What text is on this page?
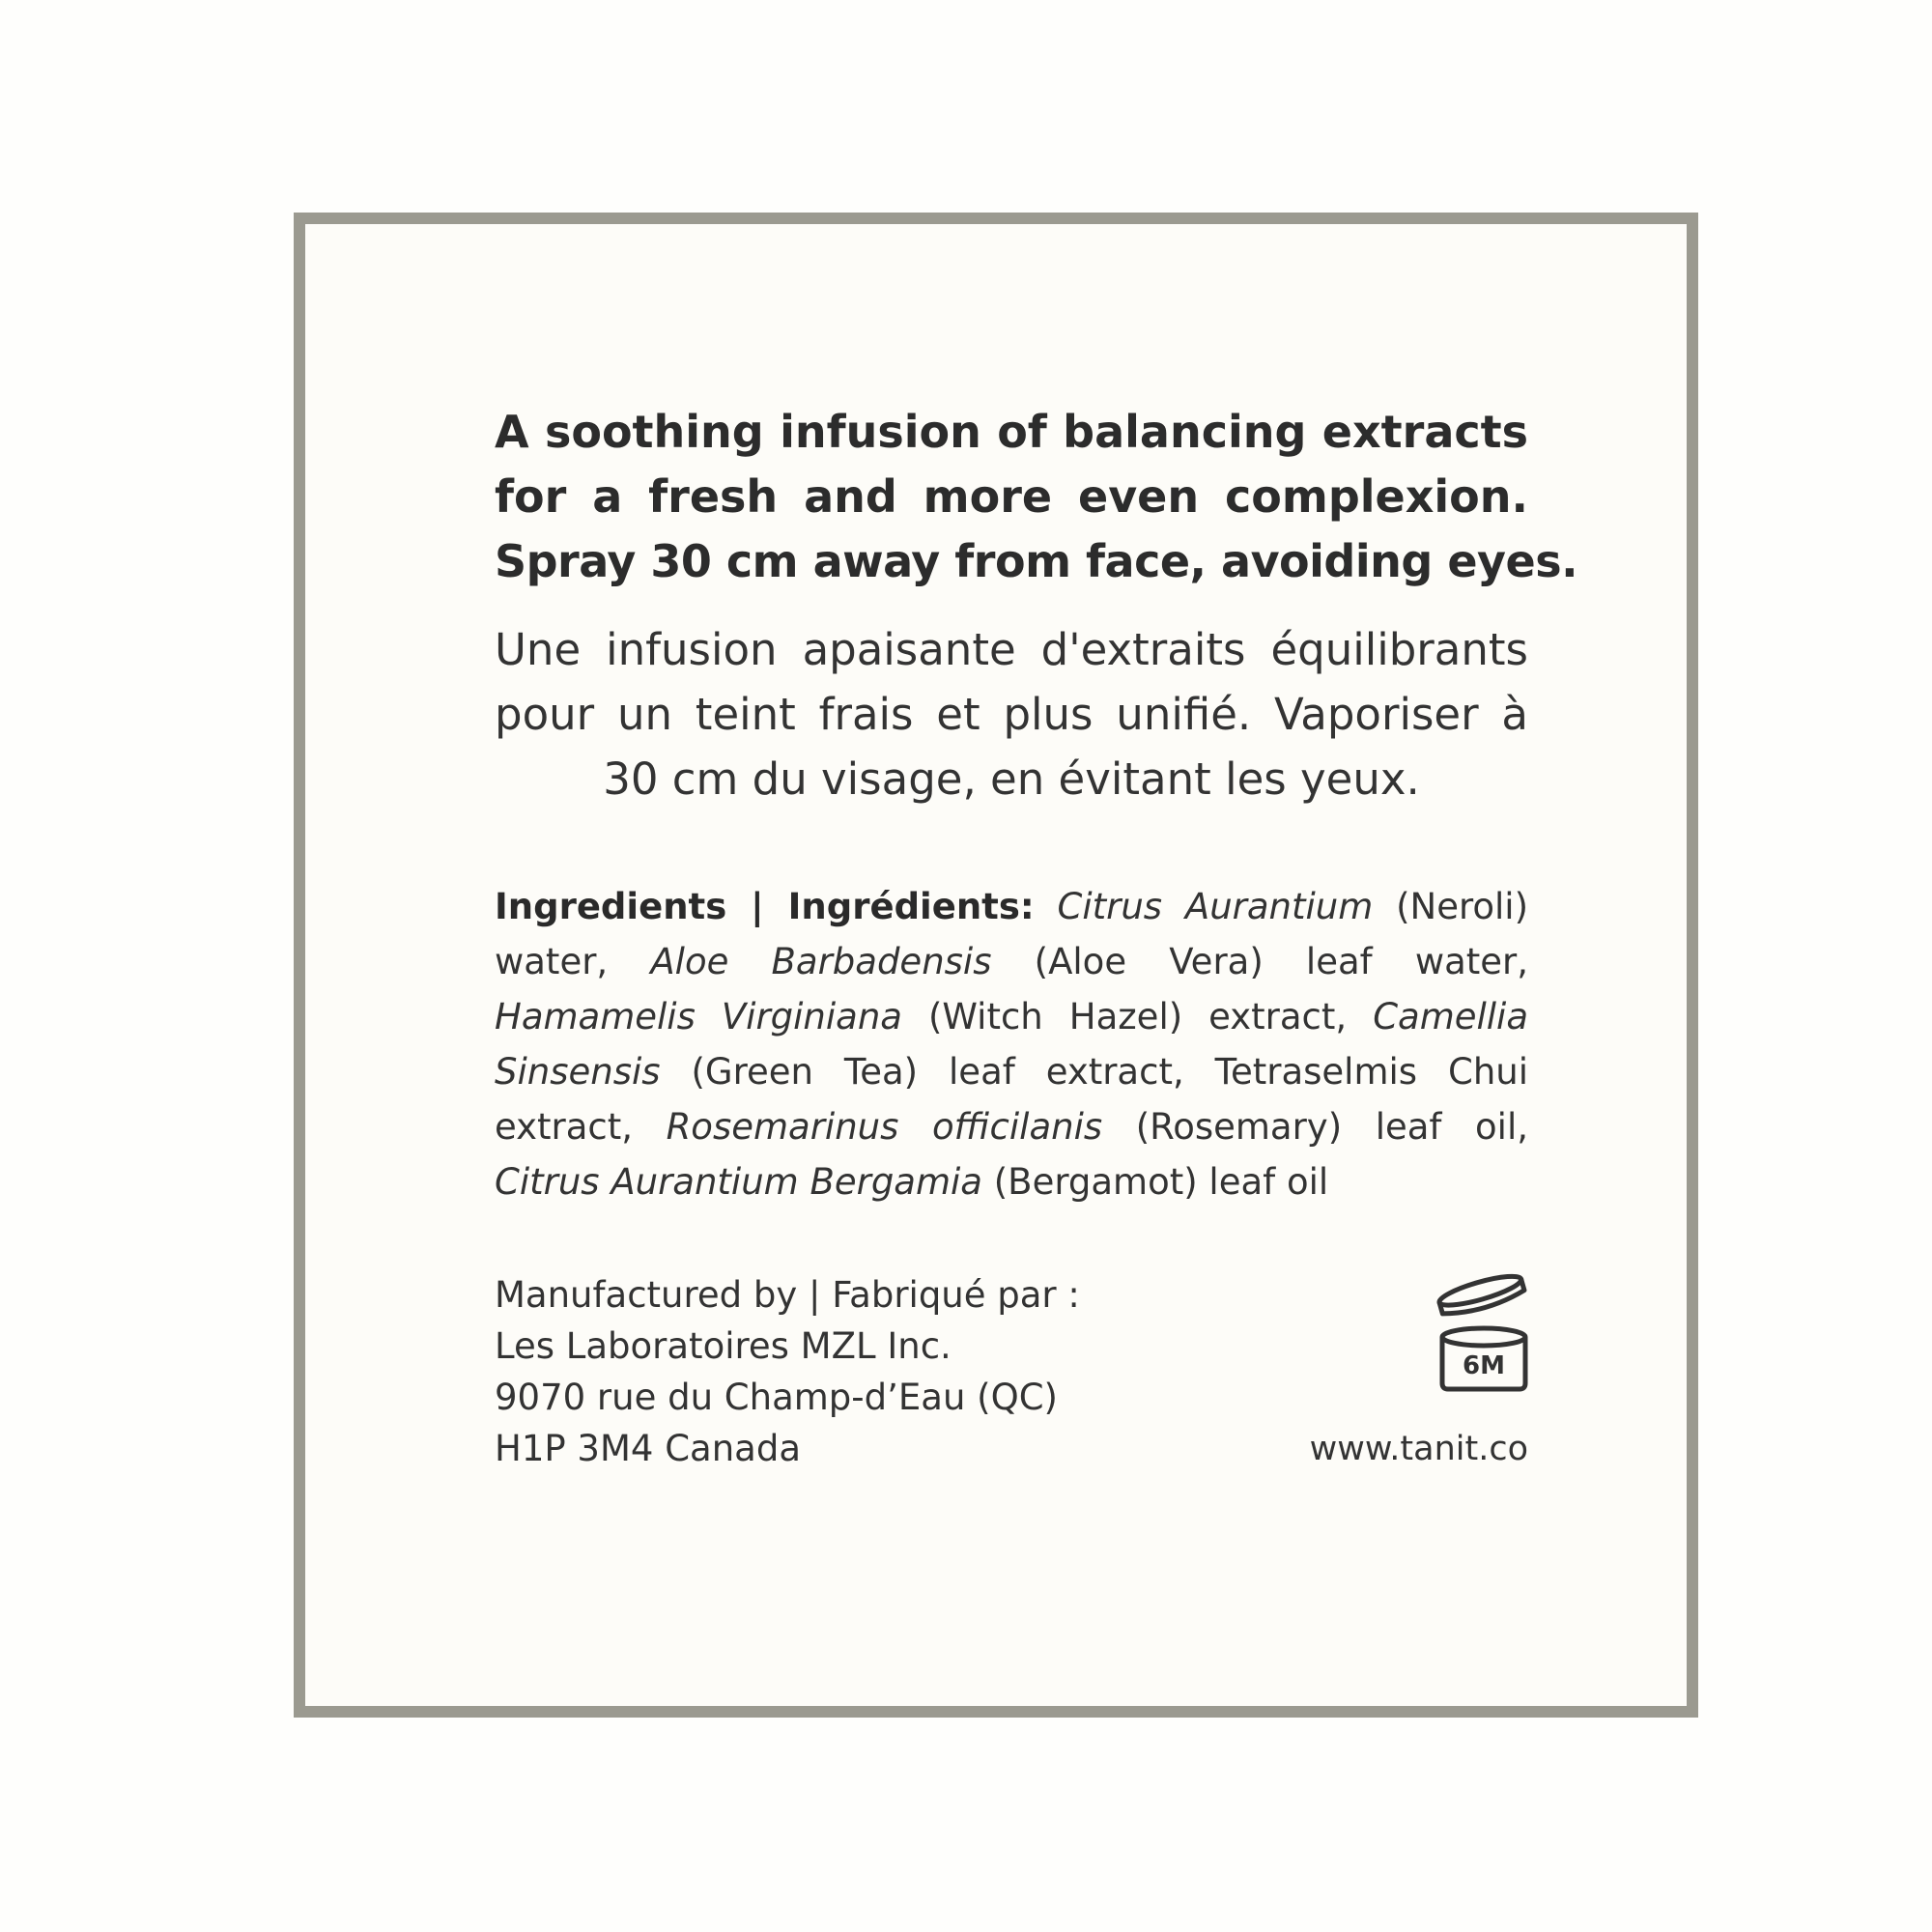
A soothing infusion of balancing extracts for a fresh and more even complexion.
Spray 30 cm away from face, avoiding eyes.

Une infusion apaisante d'extraits équilibrants
pour un teint frais et plus unifié. Vaporiser à
30 cm du visage, en évitant les yeux.

Ingredients | Ingrédients: Citrus Aurantium (Neroli)
water, Aloe Barbadensis (Aloe Vera) leaf water,
Hamamelis Virginiana (Witch Hazel) extract, Camellia
Sinsensis (Green Tea) leaf extract, Tetraselmis Chui
extract, Rosemarinus officilanis (Rosemary) leaf oil,
Citrus Aurantium Bergamia (Bergamot) leaf oil
Manufactured by | Fabriqué par :
Les Laboratoires MZL Inc.
9070 rue du Champ-d’Eau (QC)
H1P 3M4 Canada
6M
www.tanit.co
